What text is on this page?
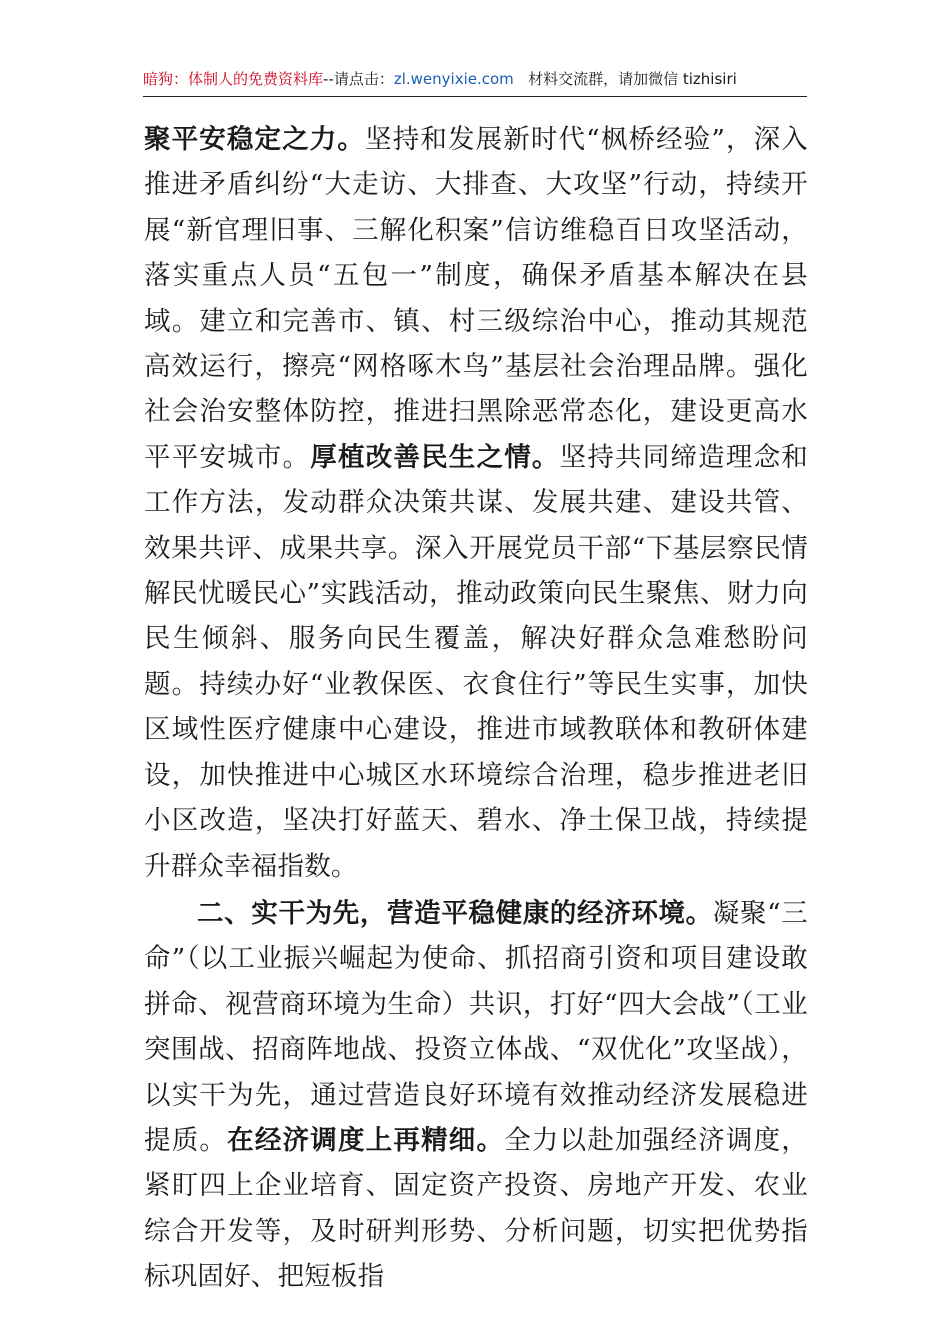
暗狗：体制人的免费资料库--请点击：zl.wenyixie.com 材料交流群，请加微信 tizhisiri

聚平安稳定之力。坚持和发展新时代“枫桥经验”，深入推进矛盾纠纷“大走访、大排查、大攻坚”行动，持续开展“新官理旧事、三解化积案”信访维稳百日攻坚活动，落实重点人员“五包一”制度，确保矛盾基本解决在县域。建立和完善市、镇、村三级综治中心，推动其规范高效运行，擦亮“网格啄木鸟”基层社会治理品牌。强化社会治安整体防控，推进扫黑除恶常态化，建设更高水平平安城市。厚植改善民生之情。坚持共同缔造理念和工作方法，发动群众决策共谋、发展共建、建设共管、效果共评、成果共享。深入开展党员干部“下基层察民情解民忧暖民心”实践活动，推动政策向民生聚焦、财力向民生倾斜、服务向民生覆盖，解决好群众急难愁盼问题。持续办好“业教保医、衣食住行”等民生实事，加快区域性医疗健康中心建设，推进市域教联体和教研体建设，加快推进中心城区水环境综合治理，稳步推进老旧小区改造，坚决打好蓝天、碧水、净土保卫战，持续提升群众幸福指数。

二、实干为先，营造平稳健康的经济环境。凝聚“三命”（以工业振兴崛起为使命、抓招商引资和项目建设敢拼命、视营商环境为生命）共识，打好“四大会战”（工业突围战、招商阵地战、投资立体战、“双优化”攻坚战），以实干为先，通过营造良好环境有效推动经济发展稳进提质。在经济调度上再精细。全力以赴加强经济调度，紧盯四上企业培育、固定资产投资、房地产开发、农业综合开发等，及时研判形势、分析问题，切实把优势指标巩固好、把短板指
